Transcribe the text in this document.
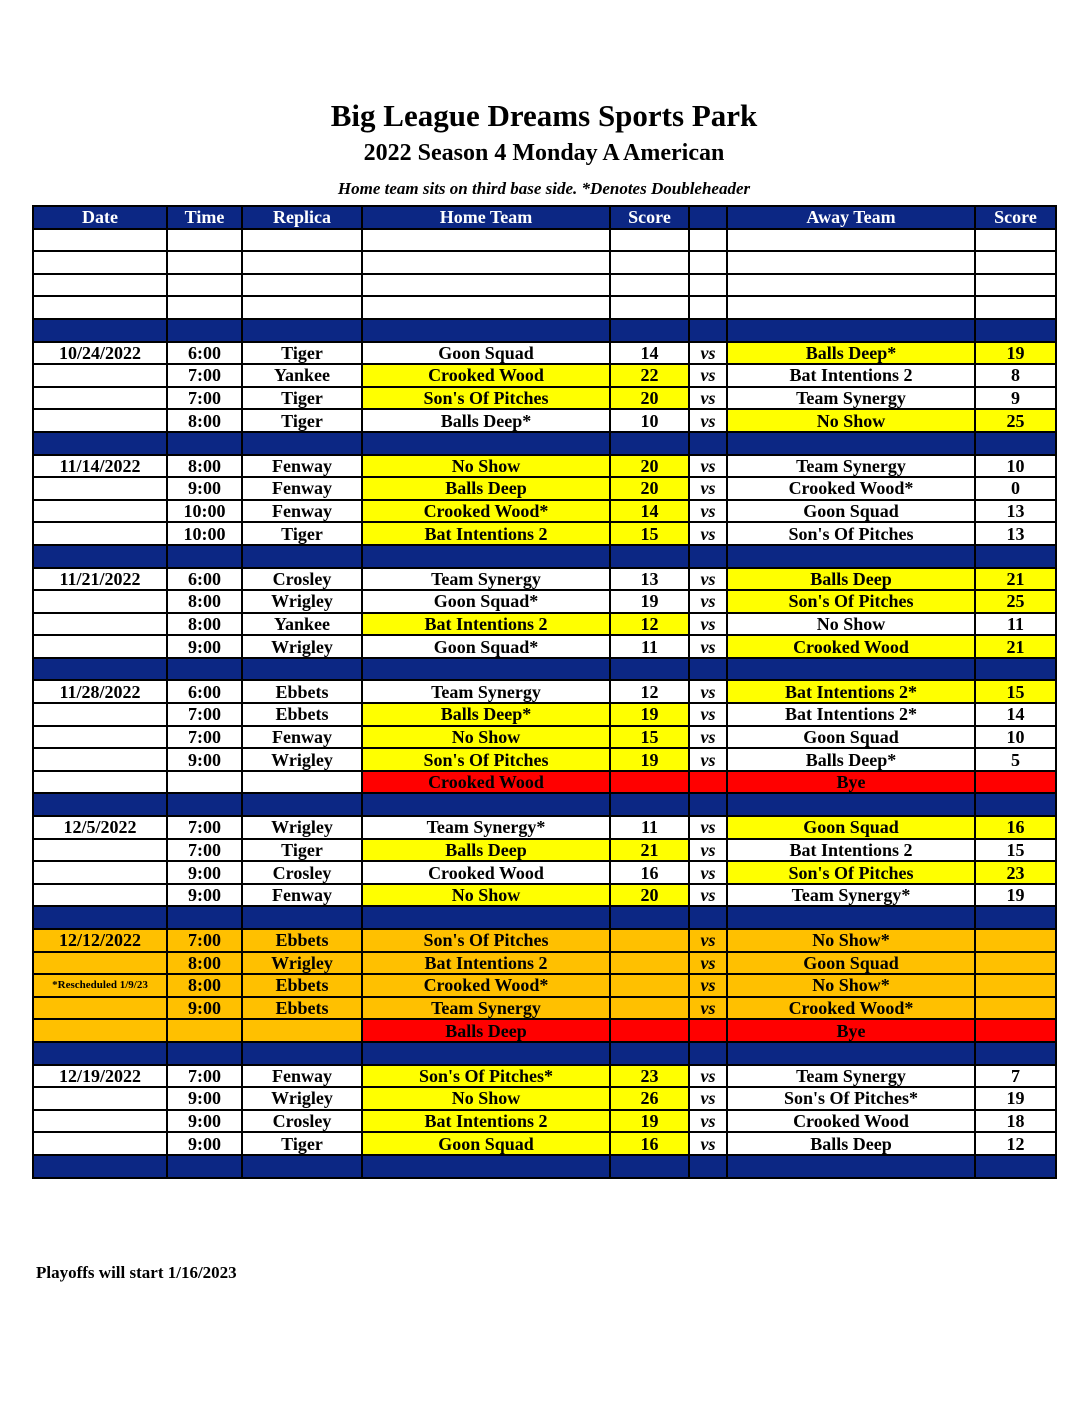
Big League Dreams Sports Park
2022 Season 4 Monday A American
Home team sits on third base side. *Denotes Doubleheader
Date	Time	Replica	Home Team	Score		Away Team	Score

10/24/2022	6:00	Tiger	Goon Squad	14	vs	Balls Deep*	19
	7:00	Yankee	Crooked Wood	22	vs	Bat Intentions 2	8
	7:00	Tiger	Son's Of Pitches	20	vs	Team Synergy	9
	8:00	Tiger	Balls Deep*	10	vs	No Show	25

11/14/2022	8:00	Fenway	No Show	20	vs	Team Synergy	10
	9:00	Fenway	Balls Deep	20	vs	Crooked Wood*	0
	10:00	Fenway	Crooked Wood*	14	vs	Goon Squad	13
	10:00	Tiger	Bat Intentions 2	15	vs	Son's Of Pitches	13

11/21/2022	6:00	Crosley	Team Synergy	13	vs	Balls Deep	21
	8:00	Wrigley	Goon Squad*	19	vs	Son's Of Pitches	25
	8:00	Yankee	Bat Intentions 2	12	vs	No Show	11
	9:00	Wrigley	Goon Squad*	11	vs	Crooked Wood	21

11/28/2022	6:00	Ebbets	Team Synergy	12	vs	Bat Intentions 2*	15
	7:00	Ebbets	Balls Deep*	19	vs	Bat Intentions 2*	14
	7:00	Fenway	No Show	15	vs	Goon Squad	10
	9:00	Wrigley	Son's Of Pitches	19	vs	Balls Deep*	5
			Crooked Wood			Bye	

12/5/2022	7:00	Wrigley	Team Synergy*	11	vs	Goon Squad	16
	7:00	Tiger	Balls Deep	21	vs	Bat Intentions 2	15
	9:00	Crosley	Crooked Wood	16	vs	Son's Of Pitches	23
	9:00	Fenway	No Show	20	vs	Team Synergy*	19

12/12/2022	7:00	Ebbets	Son's Of Pitches		vs	No Show*	
	8:00	Wrigley	Bat Intentions 2		vs	Goon Squad	
*Rescheduled 1/9/23	8:00	Ebbets	Crooked Wood*		vs	No Show*	
	9:00	Ebbets	Team Synergy		vs	Crooked Wood*	
			Balls Deep			Bye	

12/19/2022	7:00	Fenway	Son's Of Pitches*	23	vs	Team Synergy	7
	9:00	Wrigley	No Show	26	vs	Son's Of Pitches*	19
	9:00	Crosley	Bat Intentions 2	19	vs	Crooked Wood	18
	9:00	Tiger	Goon Squad	16	vs	Balls Deep	12

Playoffs will start 1/16/2023
